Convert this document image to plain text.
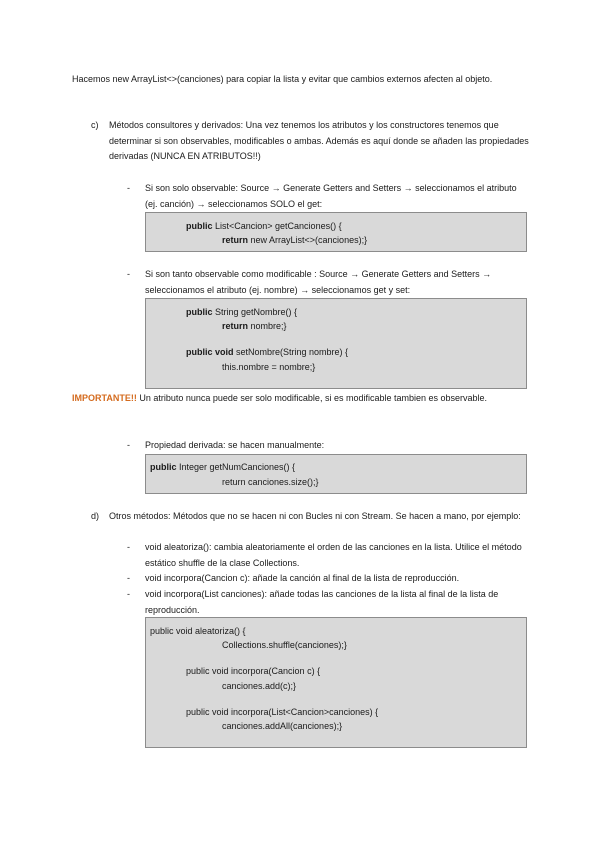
Hacemos new ArrayList<>(canciones) para copiar la lista y evitar que cambios externos afecten al objeto.

c) Métodos consultores y derivados: Una vez tenemos los atributos y los constructores tenemos que determinar si son observables, modificables o ambas. Además es aquí donde se añaden las propiedades derivadas (NUNCA EN ATRIBUTOS!!)

- Si son solo observable: Source → Generate Getters and Setters → seleccionamos el atributo (ej. canción) → seleccionamos SOLO el get:

public List<Cancion> getCanciones() {
return new ArrayList<>(canciones);}
- Si son tanto observable como modificable : Source → Generate Getters and Setters → seleccionamos el atributo (ej. nombre) → seleccionamos get y set:

public String getNombre() {
return nombre;}
public void setNombre(String nombre) {
this.nombre = nombre;}

IMPORTANTE!! Un atributo nunca puede ser solo modificable, si es modificable tambien es observable.

- Propiedad derivada: se hacen manualmente:

public Integer getNumCanciones() {
return canciones.size();}
d) Otros métodos: Métodos que no se hacen ni con Bucles ni con Stream. Se hacen a mano, por ejemplo:

- void aleatoriza(): cambia aleatoriamente el orden de las canciones en la lista. Utilice el método estático shuffle de la clase Collections.

- void incorpora(Cancion c): añade la canción al final de la lista de reproducción.

- void incorpora(List canciones): añade todas las canciones de la lista al final de la lista de reproducción.

public void aleatoriza() {
Collections.shuffle(canciones);}
public void incorpora(Cancion c) {
canciones.add(c);}
public void incorpora(List<Cancion>canciones) {
canciones.addAll(canciones);}
